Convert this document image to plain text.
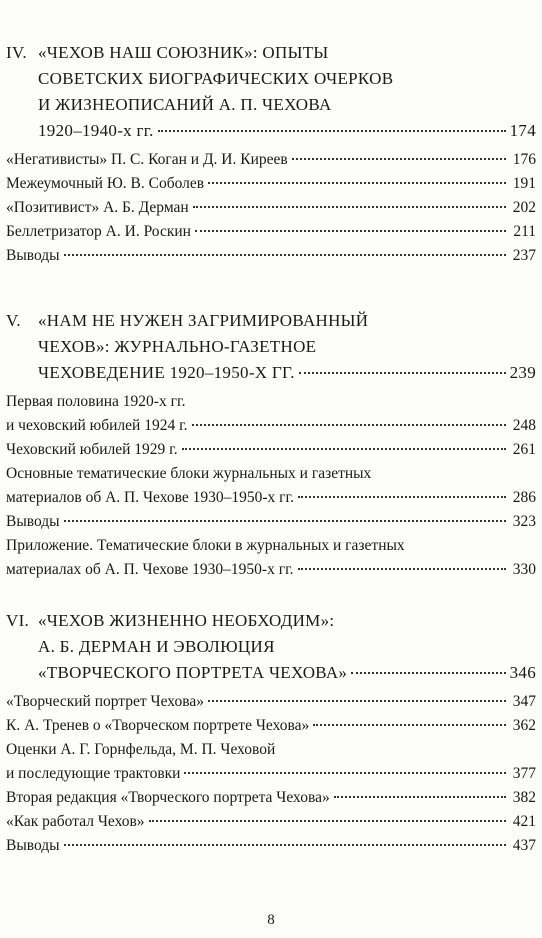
IV. «ЧЕХОВ НАШ СОЮЗНИК»: ОПЫТЫ
СОВЕТСКИХ БИОГРАФИЧЕСКИХ ОЧЕРКОВ
И ЖИЗНЕОПИСАНИЙ А. П. ЧЕХОВА
1920–1940-х гг.	174
«Негативисты» П. С. Коган и Д. И. Киреев	176
Межеумочный Ю. В. Соболев	191
«Позитивист» А. Б. Дерман	202
Беллетризатор А. И. Роскин	211
Выводы	237
V.	«НАМ НЕ НУЖЕН ЗАГРИМИРОВАННЫЙ
ЧЕХОВ»: ЖУРНАЛЬНО-ГАЗЕТНОЕ
ЧЕХОВЕДЕНИЕ 1920–1950-Х ГГ.	239
Первая половина 1920-х гг.
и чеховский юбилей 1924 г.	248
Чеховский юбилей 1929 г.	261
Основные тематические блоки журнальных и газетных
материалов об А. П. Чехове 1930–1950-х гг.	286
Выводы	323
Приложение. Тематические блоки в журнальных и газетных
материалах об А. П. Чехове 1930–1950-х гг.	330
VI. «ЧЕХОВ ЖИЗНЕННО НЕОБХОДИМ»:
А. Б. ДЕРМАН И ЭВОЛЮЦИЯ
«ТВОРЧЕСКОГО ПОРТРЕТА ЧЕХОВА»	346
«Творческий портрет Чехова»	347
К. А. Тренев о «Творческом портрете Чехова»	362
Оценки А. Г. Горнфельда, М. П. Чеховой
и последующие трактовки	377
Вторая редакция «Творческого портрета Чехова»	382
«Как работал Чехов»	421
Выводы	437
8
